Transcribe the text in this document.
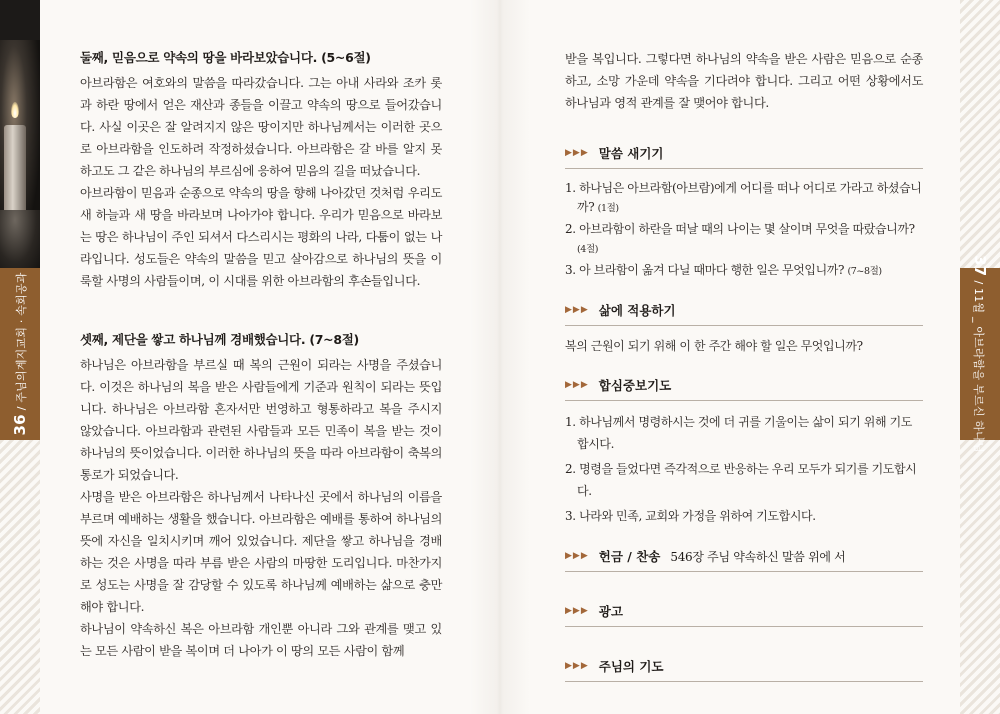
36/ 주님의계지교회 · 속회공과
37/ 11월 _ 아브라함을 부르신 하나님
둘째, 믿음으로 약속의 땅을 바라보았습니다. (5~6절)

아브라함은 여호와의 말씀을 따라갔습니다. 그는 아내 사라와 조카 롯과 하란 땅에서 얻은 재산과 종들을 이끌고 약속의 땅으로 들어갔습니다. 사실 이곳은 잘 알려지지 않은 땅이지만 하나님께서는 이러한 곳으로 아브라함을 인도하려 작정하셨습니다. 아브라함은 갈 바를 알지 못하고도 그 같은 하나님의 부르심에 응하여 믿음의 길을 떠났습니다.

아브라함이 믿음과 순종으로 약속의 땅을 향해 나아갔던 것처럼 우리도 새 하늘과 새 땅을 바라보며 나아가야 합니다. 우리가 믿음으로 바라보는 땅은 하나님이 주인 되셔서 다스리시는 평화의 나라, 다툼이 없는 나라입니다. 성도들은 약속의 말씀을 믿고 살아감으로 하나님의 뜻을 이룩할 사명의 사람들이며, 이 시대를 위한 아브라함의 후손들입니다.

셋째, 제단을 쌓고 하나님께 경배했습니다. (7~8절)

하나님은 아브라함을 부르실 때 복의 근원이 되라는 사명을 주셨습니다. 이것은 하나님의 복을 받은 사람들에게 기준과 원칙이 되라는 뜻입니다. 하나님은 아브라함 혼자서만 번영하고 형통하라고 복을 주시지 않았습니다. 아브라함과 관련된 사람들과 모든 민족이 복을 받는 것이 하나님의 뜻이었습니다. 이러한 하나님의 뜻을 따라 아브라함이 축복의 통로가 되었습니다.

사명을 받은 아브라함은 하나님께서 나타나신 곳에서 하나님의 이름을 부르며 예배하는 생활을 했습니다. 아브라함은 예배를 통하여 하나님의 뜻에 자신을 일치시키며 깨어 있었습니다. 제단을 쌓고 하나님을 경배하는 것은 사명을 따라 부름 받은 사람의 마땅한 도리입니다. 마찬가지로 성도는 사명을 잘 감당할 수 있도록 하나님께 예배하는 삶으로 충만해야 합니다.

하나님이 약속하신 복은 아브라함 개인뿐 아니라 그와 관계를 맺고 있는 모든 사람이 받을 복이며 더 나아가 이 땅의 모든 사람이 함께

받을 복입니다. 그렇다면 하나님의 약속을 받은 사람은 믿음으로 순종하고, 소망 가운데 약속을 기다려야 합니다. 그리고 어떤 상황에서도 하나님과 영적 관계를 잘 맺어야 합니다.

▶▶▶ 말씀 새기기
1. 하나님은 아브라함(아브람)에게 어디를 떠나 어디로 가라고 하셨습니까? (1절)
2. 아브라함이 하란을 떠날 때의 나이는 몇 살이며 무엇을 따랐습니까?(4절)
3. 아 브라함이 옮겨 다닐 때마다 행한 일은 무엇입니까? (7~8절)
▶▶▶ 삶에 적용하기

복의 근원이 되기 위해 이 한 주간 해야 할 일은 무엇입니까?

▶▶▶ 합심중보기도
1. 하나님께서 명령하시는 것에 더 귀를 기울이는 삶이 되기 위해 기도합시다.
2. 명령을 들었다면 즉각적으로 반응하는 우리 모두가 되기를 기도합시다.
3. 나라와 민족, 교회와 가정을 위하여 기도합시다.
▶▶▶ 헌금 / 찬송 546장 주님 약속하신 말씀 위에 서
▶▶▶ 광고
▶▶▶ 주님의 기도
